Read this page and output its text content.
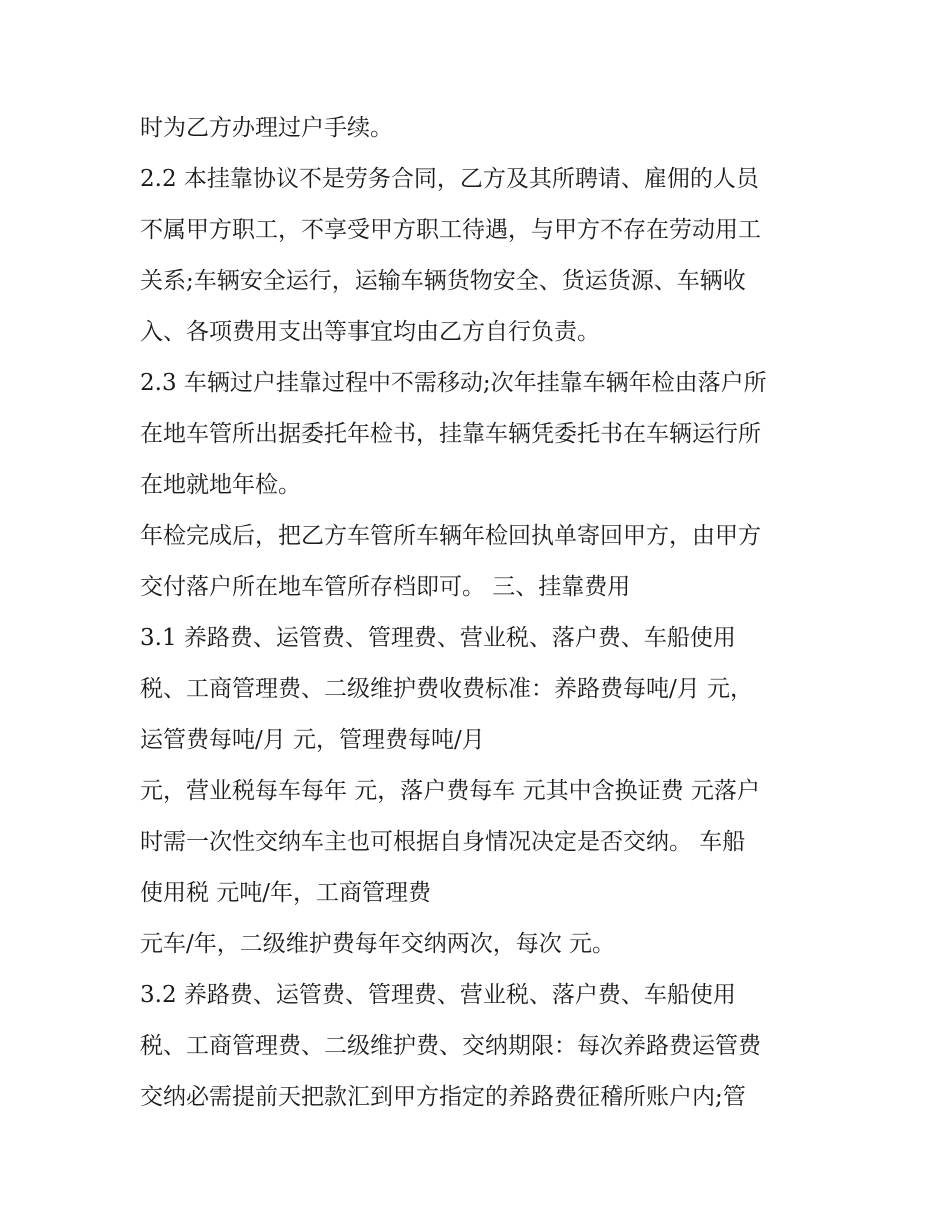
时为乙方办理过户手续。
2.2 本挂靠协议不是劳务合同，乙方及其所聘请、雇佣的人员
不属甲方职工，不享受甲方职工待遇，与甲方不存在劳动用工
关系;车辆安全运行，运输车辆货物安全、货运货源、车辆收
入、各项费用支出等事宜均由乙方自行负责。
2.3 车辆过户挂靠过程中不需移动;次年挂靠车辆年检由落户所
在地车管所出据委托年检书，挂靠车辆凭委托书在车辆运行所
在地就地年检。
年检完成后，把乙方车管所车辆年检回执单寄回甲方，由甲方
交付落户所在地车管所存档即可。 三、挂靠费用
3.1 养路费、运管费、管理费、营业税、落户费、车船使用
税、工商管理费、二级维护费收费标准：养路费每吨/月 元，
运管费每吨/月 元，管理费每吨/月
元，营业税每车每年 元，落户费每车 元其中含换证费 元落户
时需一次性交纳车主也可根据自身情况决定是否交纳。 车船
使用税 元吨/年，工商管理费
元车/年，二级维护费每年交纳两次，每次 元。
3.2 养路费、运管费、管理费、营业税、落户费、车船使用
税、工商管理费、二级维护费、交纳期限：每次养路费运管费
交纳必需提前天把款汇到甲方指定的养路费征稽所账户内;管
